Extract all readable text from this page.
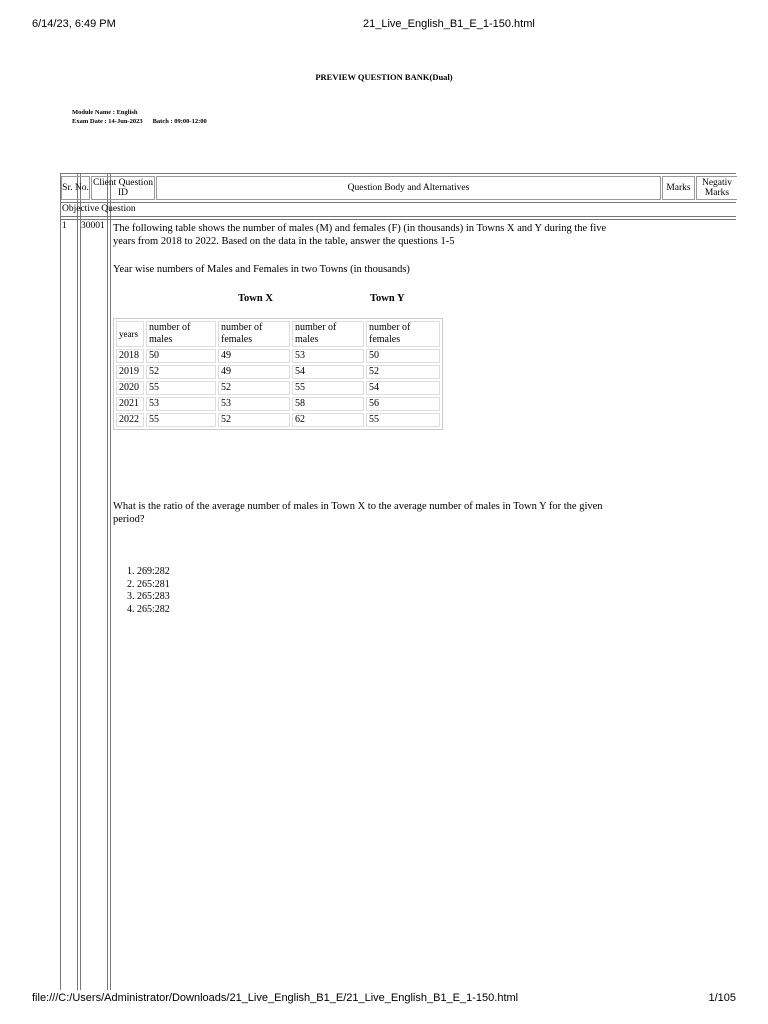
6/14/23, 6:49 PM	21_Live_English_B1_E_1-150.html
PREVIEW QUESTION BANK(Dual)
Module Name : English
Exam Date : 14-Jun-2023 Batch : 09:00-12:00
Sr. No. Client Question ID	Question Body and Alternatives	Marks	Negativ Marks
Objective Question
1 30001 The following table shows the number of males (M) and females (F) (in thousands) in Towns X and Y during the five years from 2018 to 2022. Based on the data in the table, answer the questions 1-5

Year wise numbers of Males and Females in two Towns (in thousands)
Town X	Town Y
years	number of males	number of females	number of males	number of females
2018	50	49	53	50
2019	52	49	54	52
2020	55	52	55	54
2021	53	53	58	56
2022	55	52	62	55
What is the ratio of the average number of males in Town X to the average number of males in Town Y for the given period?
1. 269:282
2. 265:281
3. 265:283
4. 265:282
file:///C:/Users/Administrator/Downloads/21_Live_English_B1_E/21_Live_English_B1_E_1-150.html	1/105
